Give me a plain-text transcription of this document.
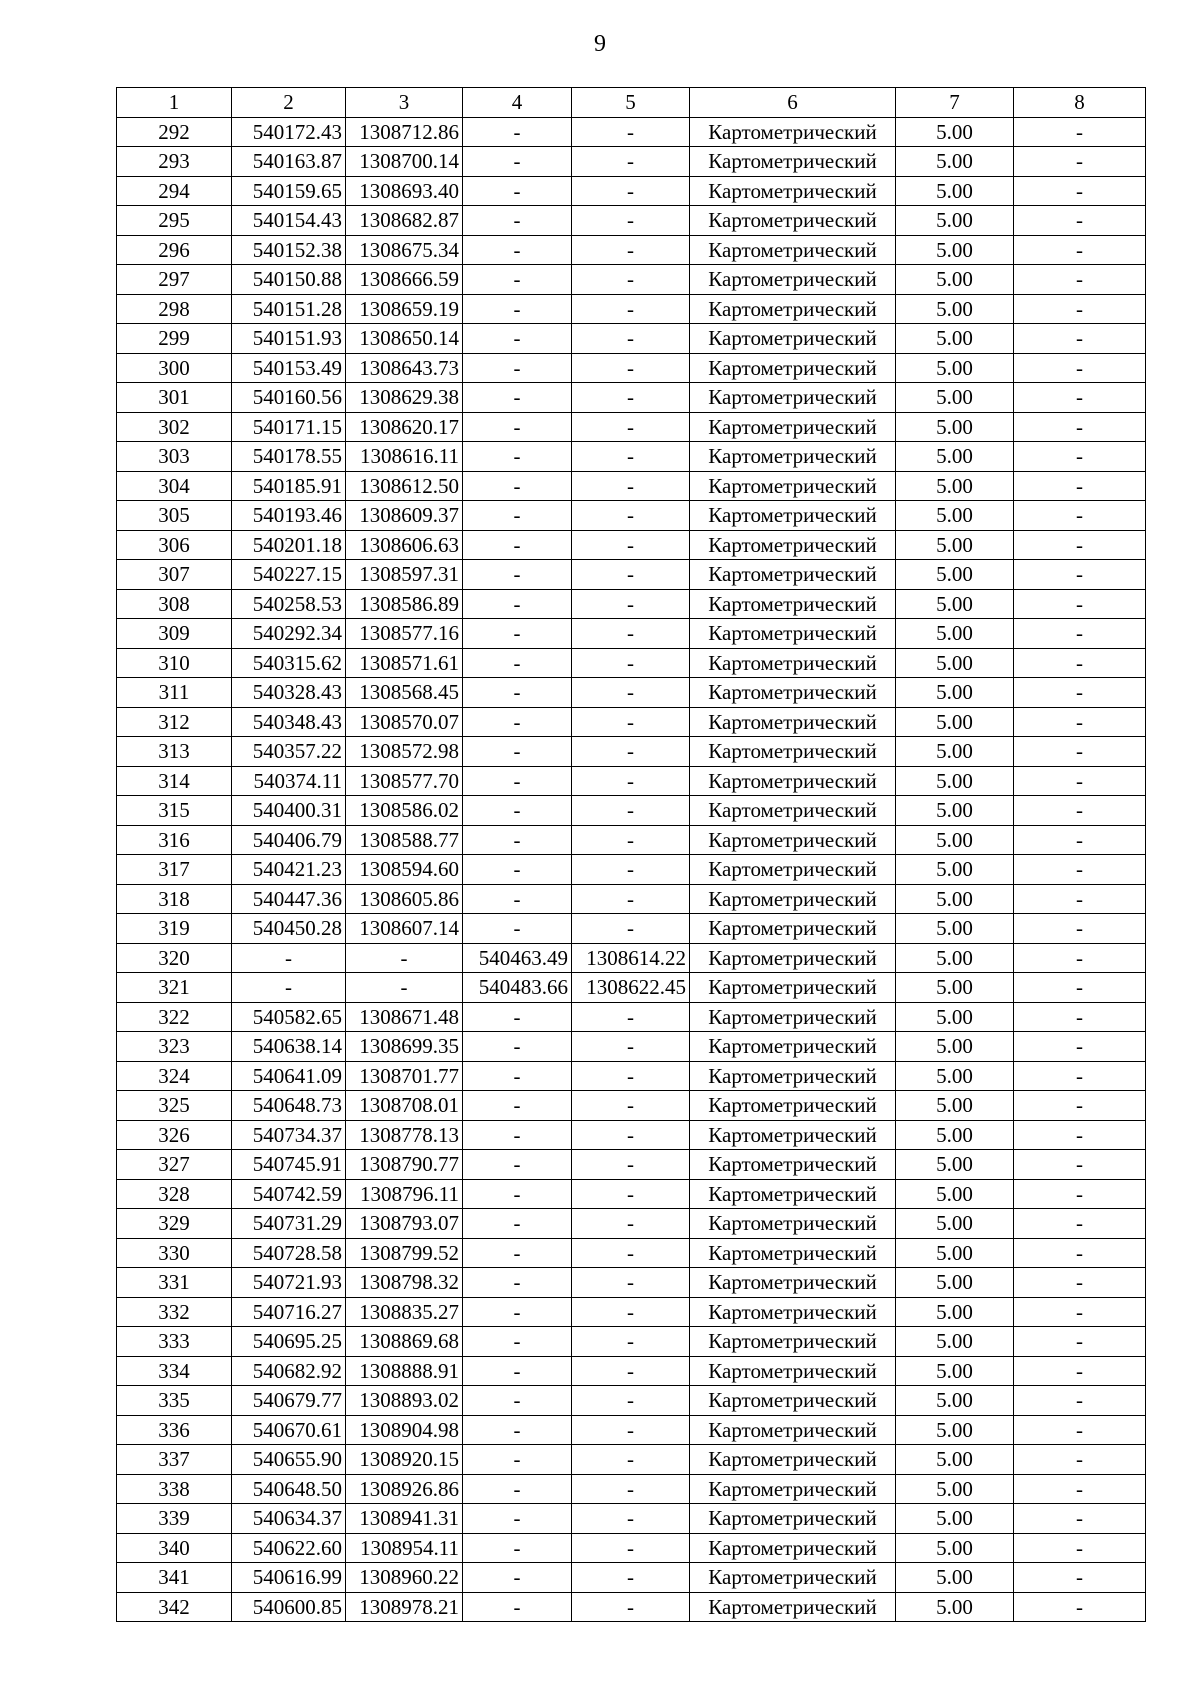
9
1	2	3	4	5	6	7	8
292	540172.43	1308712.86	-	-	Картометрический	5.00	-
293	540163.87	1308700.14	-	-	Картометрический	5.00	-
294	540159.65	1308693.40	-	-	Картометрический	5.00	-
295	540154.43	1308682.87	-	-	Картометрический	5.00	-
296	540152.38	1308675.34	-	-	Картометрический	5.00	-
297	540150.88	1308666.59	-	-	Картометрический	5.00	-
298	540151.28	1308659.19	-	-	Картометрический	5.00	-
299	540151.93	1308650.14	-	-	Картометрический	5.00	-
300	540153.49	1308643.73	-	-	Картометрический	5.00	-
301	540160.56	1308629.38	-	-	Картометрический	5.00	-
302	540171.15	1308620.17	-	-	Картометрический	5.00	-
303	540178.55	1308616.11	-	-	Картометрический	5.00	-
304	540185.91	1308612.50	-	-	Картометрический	5.00	-
305	540193.46	1308609.37	-	-	Картометрический	5.00	-
306	540201.18	1308606.63	-	-	Картометрический	5.00	-
307	540227.15	1308597.31	-	-	Картометрический	5.00	-
308	540258.53	1308586.89	-	-	Картометрический	5.00	-
309	540292.34	1308577.16	-	-	Картометрический	5.00	-
310	540315.62	1308571.61	-	-	Картометрический	5.00	-
311	540328.43	1308568.45	-	-	Картометрический	5.00	-
312	540348.43	1308570.07	-	-	Картометрический	5.00	-
313	540357.22	1308572.98	-	-	Картометрический	5.00	-
314	540374.11	1308577.70	-	-	Картометрический	5.00	-
315	540400.31	1308586.02	-	-	Картометрический	5.00	-
316	540406.79	1308588.77	-	-	Картометрический	5.00	-
317	540421.23	1308594.60	-	-	Картометрический	5.00	-
318	540447.36	1308605.86	-	-	Картометрический	5.00	-
319	540450.28	1308607.14	-	-	Картометрический	5.00	-
320	-	-	540463.49	1308614.22	Картометрический	5.00	-
321	-	-	540483.66	1308622.45	Картометрический	5.00	-
322	540582.65	1308671.48	-	-	Картометрический	5.00	-
323	540638.14	1308699.35	-	-	Картометрический	5.00	-
324	540641.09	1308701.77	-	-	Картометрический	5.00	-
325	540648.73	1308708.01	-	-	Картометрический	5.00	-
326	540734.37	1308778.13	-	-	Картометрический	5.00	-
327	540745.91	1308790.77	-	-	Картометрический	5.00	-
328	540742.59	1308796.11	-	-	Картометрический	5.00	-
329	540731.29	1308793.07	-	-	Картометрический	5.00	-
330	540728.58	1308799.52	-	-	Картометрический	5.00	-
331	540721.93	1308798.32	-	-	Картометрический	5.00	-
332	540716.27	1308835.27	-	-	Картометрический	5.00	-
333	540695.25	1308869.68	-	-	Картометрический	5.00	-
334	540682.92	1308888.91	-	-	Картометрический	5.00	-
335	540679.77	1308893.02	-	-	Картометрический	5.00	-
336	540670.61	1308904.98	-	-	Картометрический	5.00	-
337	540655.90	1308920.15	-	-	Картометрический	5.00	-
338	540648.50	1308926.86	-	-	Картометрический	5.00	-
339	540634.37	1308941.31	-	-	Картометрический	5.00	-
340	540622.60	1308954.11	-	-	Картометрический	5.00	-
341	540616.99	1308960.22	-	-	Картометрический	5.00	-
342	540600.85	1308978.21	-	-	Картометрический	5.00	-
